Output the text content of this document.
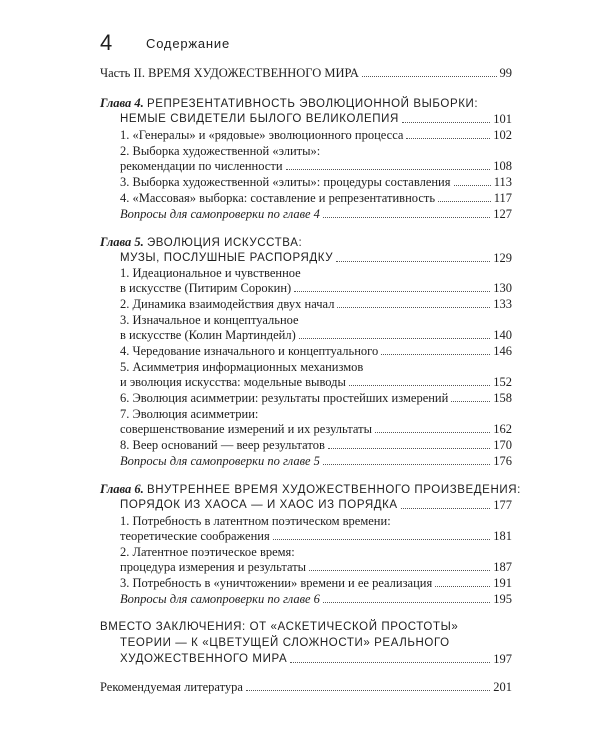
4	Содержание
Часть II. ВРЕМЯ ХУДОЖЕСТВЕННОГО МИРА	99
Глава 4. РЕПРЕЗЕНТАТИВНОСТЬ ЭВОЛЮЦИОННОЙ ВЫБОРКИ:
НЕМЫЕ СВИДЕТЕЛИ БЫЛОГО ВЕЛИКОЛЕПИЯ	101
1. «Генералы» и «рядовые» эволюционного процесса	102
2. Выборка художественной «элиты»:
рекомендации по численности	108
3. Выборка художественной «элиты»: процедуры составления	113
4. «Массовая» выборка: составление и репрезентативность	117
Вопросы для самопроверки по главе 4	127
Глава 5. ЭВОЛЮЦИЯ ИСКУССТВА:
МУЗЫ, ПОСЛУШНЫЕ РАСПОРЯДКУ	129
1. Идеациональное и чувственное
в искусстве (Питирим Сорокин)	130
2. Динамика взаимодействия двух начал	133
3. Изначальное и концептуальное
в искусстве (Колин Мартиндейл)	140
4. Чередование изначального и концептуального	146
5. Асимметрия информационных механизмов
и эволюция искусства: модельные выводы	152
6. Эволюция асимметрии: результаты простейших измерений	158
7. Эволюция асимметрии:
совершенствование измерений и их результаты	162
8. Веер оснований — веер результатов	170
Вопросы для самопроверки по главе 5	176
Глава 6. ВНУТРЕННЕЕ ВРЕМЯ ХУДОЖЕСТВЕННОГО ПРОИЗВЕДЕНИЯ:
ПОРЯДОК ИЗ ХАОСА — И ХАОС ИЗ ПОРЯДКА	177
1. Потребность в латентном поэтическом времени:
теоретические соображения	181
2. Латентное поэтическое время:
процедура измерения и результаты	187
3. Потребность в «уничтожении» времени и ее реализация	191
Вопросы для самопроверки по главе 6	195
ВМЕСТО ЗАКЛЮЧЕНИЯ: ОТ «АСКЕТИЧЕСКОЙ ПРОСТОТЫ»
ТЕОРИИ — К «ЦВЕТУЩЕЙ СЛОЖНОСТИ» РЕАЛЬНОГО
ХУДОЖЕСТВЕННОГО МИРА	197
Рекомендуемая литература	201
